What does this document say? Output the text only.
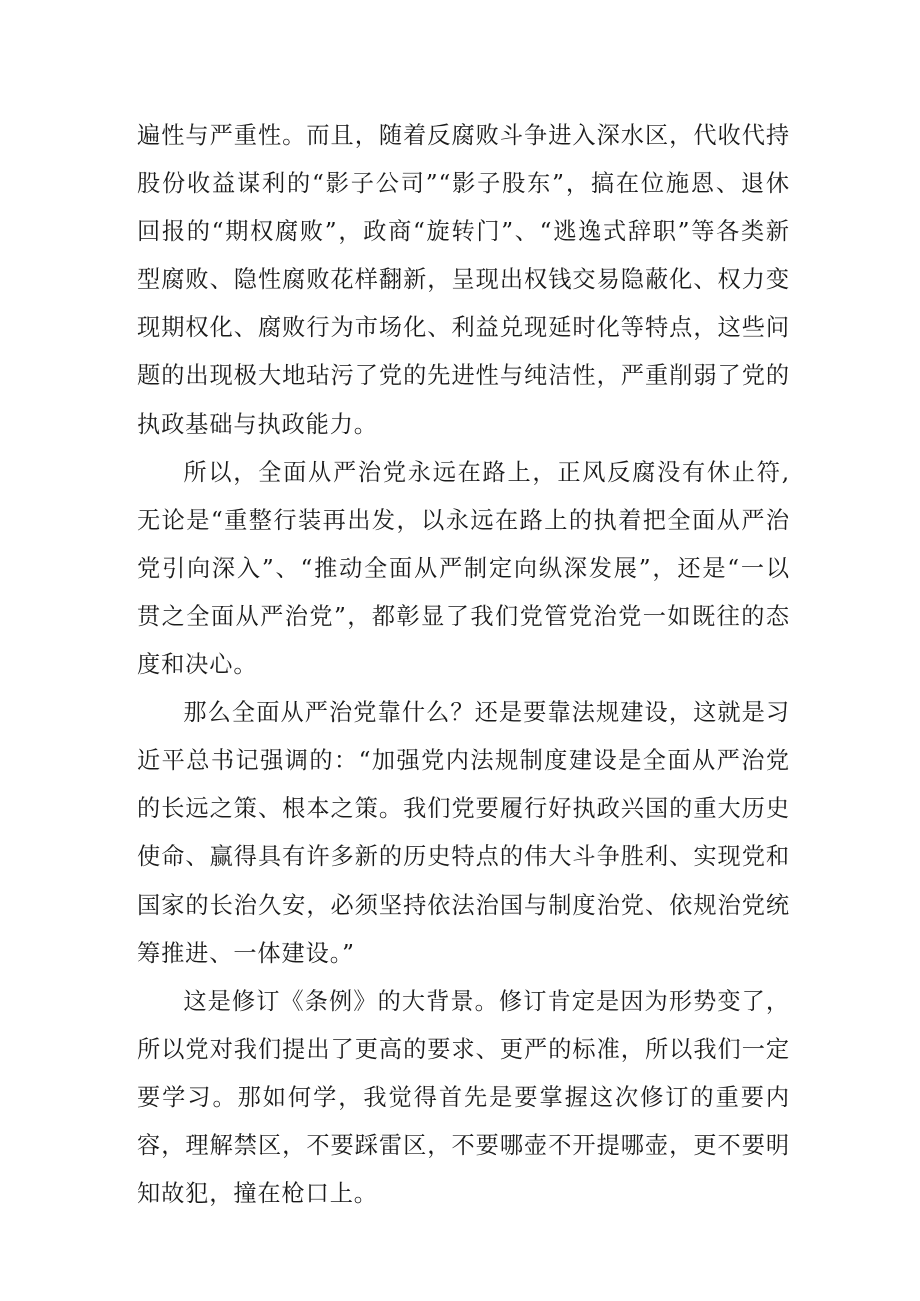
遍性与严重性。而且，随着反腐败斗争进入深水区，代收代持股份收益谋利的“影子公司”“影子股东”，搞在位施恩、退休回报的“期权腐败”，政商“旋转门”、“逃逸式辞职”等各类新型腐败、隐性腐败花样翻新，呈现出权钱交易隐蔽化、权力变现期权化、腐败行为市场化、利益兑现延时化等特点，这些问题的出现极大地玷污了党的先进性与纯洁性，严重削弱了党的执政基础与执政能力。

所以，全面从严治党永远在路上，正风反腐没有休止符,无论是“重整行装再出发，以永远在路上的执着把全面从严治党引向深入”、“推动全面从严制定向纵深发展”，还是“一以贯之全面从严治党”，都彰显了我们党管党治党一如既往的态度和决心。

那么全面从严治党靠什么？还是要靠法规建设，这就是习近平总书记强调的：“加强党内法规制度建设是全面从严治党的长远之策、根本之策。我们党要履行好执政兴国的重大历史使命、赢得具有许多新的历史特点的伟大斗争胜利、实现党和国家的长治久安，必须坚持依法治国与制度治党、依规治党统筹推进、一体建设。”

这是修订《条例》的大背景。修订肯定是因为形势变了，所以党对我们提出了更高的要求、更严的标准，所以我们一定要学习。那如何学，我觉得首先是要掌握这次修订的重要内容，理解禁区，不要踩雷区，不要哪壶不开提哪壶，更不要明知故犯，撞在枪口上。
